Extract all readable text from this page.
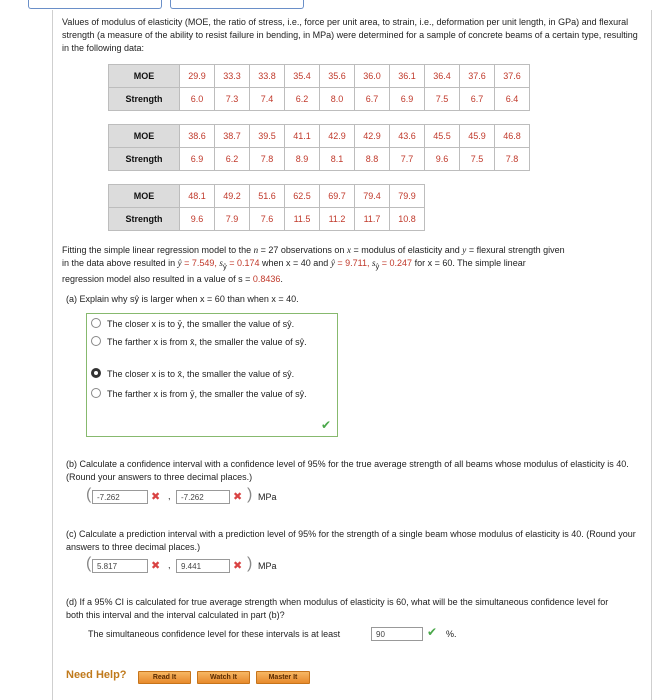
Values of modulus of elasticity (MOE, the ratio of stress, i.e., force per unit area, to strain, i.e., deformation per unit length, in GPa) and flexural strength (a measure of the ability to resist failure in bending, in MPa) were determined for a sample of concrete beams of a certain type, resulting in the following data:
MOE	29.9	33.3	33.8	35.4	35.6	36.0	36.1	36.4	37.6	37.6
Strength	6.0	7.3	7.4	6.2	8.0	6.7	6.9	7.5	6.7	6.4
MOE	38.6	38.7	39.5	41.1	42.9	42.9	43.6	45.5	45.9	46.8
Strength	6.9	6.2	7.8	8.9	8.1	8.8	7.7	9.6	7.5	7.8
MOE	48.1	49.2	51.6	62.5	69.7	79.4	79.9
Strength	9.6	7.9	7.6	11.5	11.2	11.7	10.8
Fitting the simple linear regression model to the n = 27 observations on x = modulus of elasticity and y = flexural strength given
in the data above resulted in ŷ = 7.549, $s_ŷ = 0.174$ when x = 40 and ŷ = 9.711, $s_ŷ = 0.247$ for x = 60. The simple linear
regression model also resulted in a value of s = 0.8436.
(a) Explain why sŷ is larger when x = 60 than when x = 40.
The closer x is to ȳ, the smaller the value of sŷ.
The farther x is from x̄, the smaller the value of sŷ.
The closer x is to x̄, the smaller the value of sŷ.
The farther x is from ȳ, the smaller the value of sŷ.
✔
(b) Calculate a confidence interval with a confidence level of 95% for the true average strength of all beams whose modulus of elasticity is 40. (Round your answers to three decimal places.)
( -7.262	✖ ,	-7.262	✖ ) MPa
(c) Calculate a prediction interval with a prediction level of 95% for the strength of a single beam whose modulus of elasticity is 40. (Round your answers to three decimal places.)
( 5.817	✖ ,	9.441	✖ ) MPa
(d) If a 95% CI is calculated for true average strength when modulus of elasticity is 60, what will be the simultaneous confidence level for both this interval and the interval calculated in part (b)?
The simultaneous confidence level for these intervals is at least	90	✔ %.
Need Help?	Read It	Watch It	Master It
